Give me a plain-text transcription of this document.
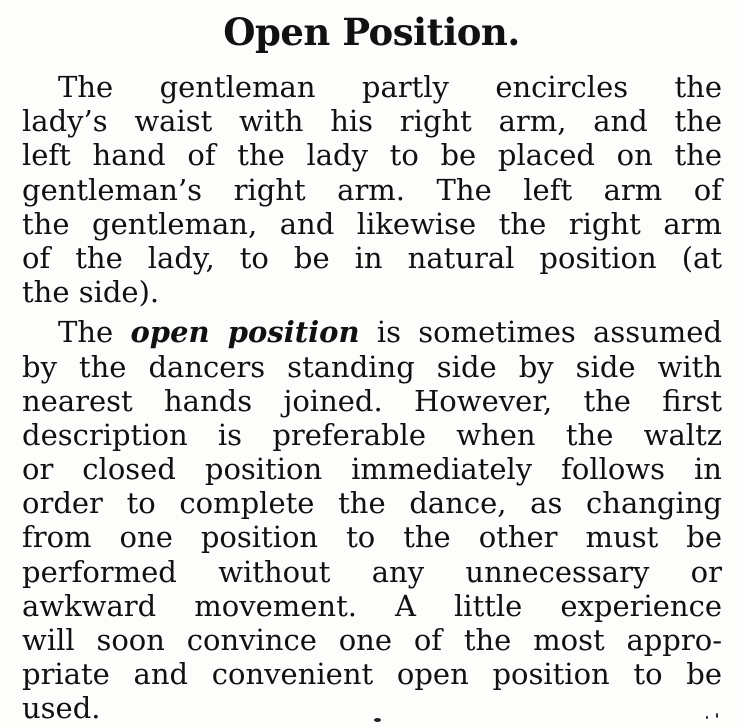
Open Position.
The gentleman partly encircles the
lady’s waist with his right arm, and the
left hand of the lady to be placed on the
gentleman’s right arm. The left arm of
the gentleman, and likewise the right arm
of the lady, to be in natural position (at
the side).
The open position is sometimes assumed
by the dancers standing side by side with
nearest hands joined. However, the first
description is preferable when the waltz
or closed position immediately follows in
order to complete the dance, as changing
from one position to the other must be
performed without any unnecessary or
awkward movement. A little experience
will soon convince one of the most appro-
priate and convenient open position to be
used.
